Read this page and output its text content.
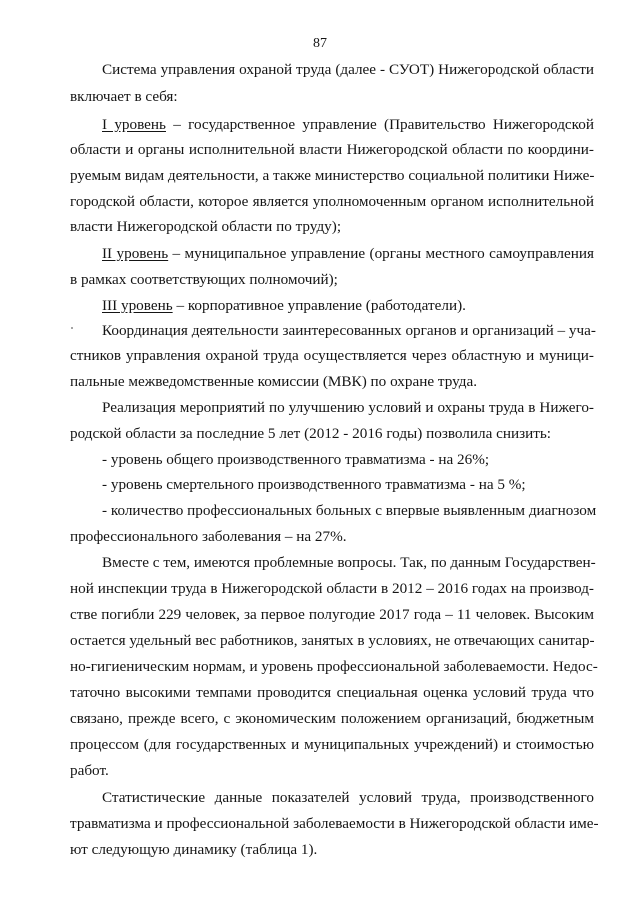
87
Система управления охраной труда (далее - СУОТ) Нижегородской области
включает в себя:
I уровень – государственное управление (Правительство Нижегородской
области и органы исполнительной власти Нижегородской области по координи-
руемым видам деятельности, а также министерство социальной политики Ниже-
городской области, которое является уполномоченным органом исполнительной
власти Нижегородской области по труду);
II уровень – муниципальное управление (органы местного самоуправления
в рамках соответствующих полномочий);
III уровень – корпоративное управление (работодатели).
Координация деятельности заинтересованных органов и организаций – уча-
стников управления охраной труда осуществляется через областную и муници-
пальные межведомственные комиссии (МВК) по охране труда.
Реализация мероприятий по улучшению условий и охраны труда в Нижего-
родской области за последние 5 лет (2012 - 2016 годы) позволила снизить:
- уровень общего производственного травматизма - на 26%;
- уровень смертельного производственного травматизма - на 5 %;
- количество профессиональных больных с впервые выявленным диагнозом
профессионального заболевания – на 27%.
Вместе с тем, имеются проблемные вопросы. Так, по данным Государствен-
ной инспекции труда в Нижегородской области в 2012 – 2016 годах на производ-
стве погибли 229 человек, за первое полугодие 2017 года – 11 человек. Высоким
остается удельный вес работников, занятых в условиях, не отвечающих санитар-
но-гигиеническим нормам, и уровень профессиональной заболеваемости. Недос-
таточно высокими темпами проводится специальная оценка условий труда что
связано, прежде всего, с экономическим положением организаций, бюджетным
процессом (для государственных и муниципальных учреждений) и стоимостью
работ.
Статистические данные показателей условий труда, производственного
травматизма и профессиональной заболеваемости в Нижегородской области име-
ют следующую динамику (таблица 1).
